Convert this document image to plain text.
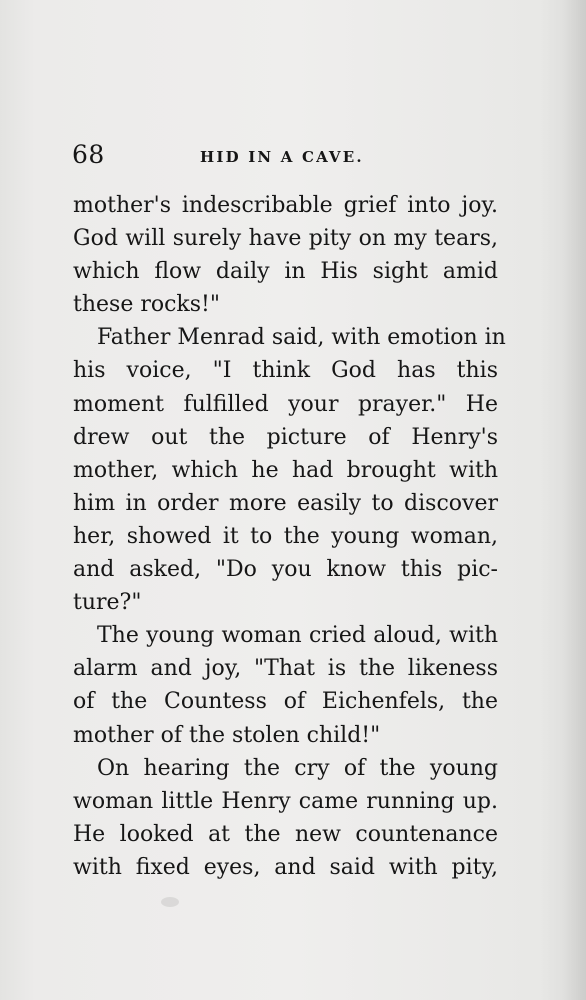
68	HID IN A CAVE.
mother's indescribable grief into joy.
God will surely have pity on my tears,
which flow daily in His sight amid
these rocks!"
Father Menrad said, with emotion in
his voice, "I think God has this
moment fulfilled your prayer." He
drew out the picture of Henry's
mother, which he had brought with
him in order more easily to discover
her, showed it to the young woman,
and asked, "Do you know this pic-
ture?"
The young woman cried aloud, with
alarm and joy, "That is the likeness
of the Countess of Eichenfels, the
mother of the stolen child!"
On hearing the cry of the young
woman little Henry came running up.
He looked at the new countenance
with fixed eyes, and said with pity,
